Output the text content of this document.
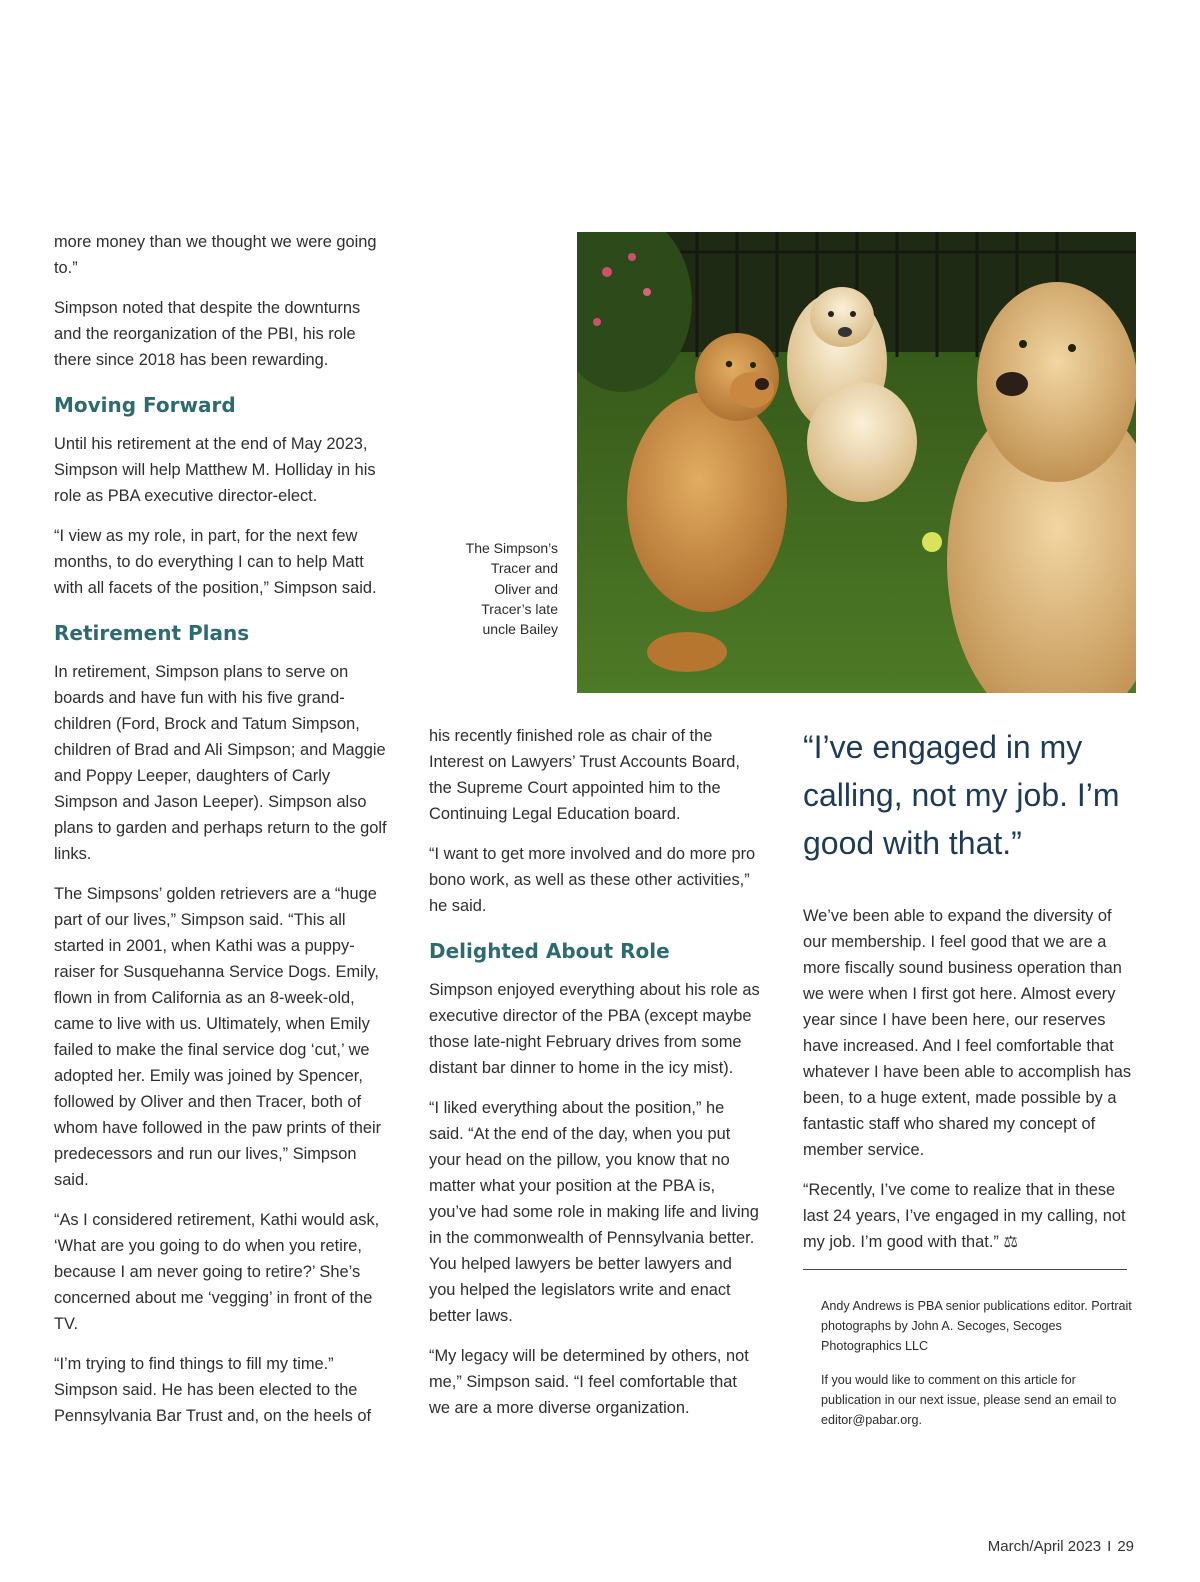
more money than we thought we were going to.”

Simpson noted that despite the downturns and the reorganization of the PBI, his role there since 2018 has been rewarding.

Moving Forward

Until his retirement at the end of May 2023, Simpson will help Matthew M. Holliday in his role as PBA executive director-elect.

“I view as my role, in part, for the next few months, to do everything I can to help Matt with all facets of the position,” Simpson said.

Retirement Plans

In retirement, Simpson plans to serve on boards and have fun with his five grandchildren (Ford, Brock and Tatum Simpson, children of Brad and Ali Simpson; and Maggie and Poppy Leeper, daughters of Carly Simpson and Jason Leeper). Simpson also plans to garden and perhaps return to the golf links.

The Simpsons’ golden retrievers are a “huge part of our lives,” Simpson said. “This all started in 2001, when Kathi was a puppy-raiser for Susquehanna Service Dogs. Emily, flown in from California as an 8-week-old, came to live with us. Ultimately, when Emily failed to make the final service dog ‘cut,’ we adopted her. Emily was joined by Spencer, followed by Oliver and then Tracer, both of whom have followed in the paw prints of their predecessors and run our lives,” Simpson said.

“As I considered retirement, Kathi would ask, ‘What are you going to do when you retire, because I am never going to retire?’ She’s concerned about me ‘vegging’ in front of the TV.

“I’m trying to find things to fill my time.” Simpson said. He has been elected to the Pennsylvania Bar Trust and, on the heels of

The Simpson’s
Tracer and
Oliver and
Tracer’s late
uncle Bailey

his recently finished role as chair of the Interest on Lawyers’ Trust Accounts Board, the Supreme Court appointed him to the Continuing Legal Education board.

“I want to get more involved and do more pro bono work, as well as these other activities,” he said.

Delighted About Role

Simpson enjoyed everything about his role as executive director of the PBA (except maybe those late-night February drives from some distant bar dinner to home in the icy mist).

“I liked everything about the position,” he said. “At the end of the day, when you put your head on the pillow, you know that no matter what your position at the PBA is, you’ve had some role in making life and living in the commonwealth of Pennsylvania better. You helped lawyers be better lawyers and you helped the legislators write and enact better laws.

“My legacy will be determined by others, not me,” Simpson said. “I feel comfortable that we are a more diverse organization.

“I’ve engaged in my calling, not my job. I’m good with that.”

We’ve been able to expand the diversity of our membership. I feel good that we are a more fiscally sound business operation than we were when I first got here. Almost every year since I have been here, our reserves have increased. And I feel comfortable that whatever I have been able to accomplish has been, to a huge extent, made possible by a fantastic staff who shared my concept of member service.

“Recently, I’ve come to realize that in these last 24 years, I’ve engaged in my calling, not my job. I’m good with that.” ⚖

Andy Andrews is PBA senior publications editor. Portrait photographs by John A. Secoges, Secoges Photographics LLC

If you would like to comment on this article for publication in our next issue, please send an email to editor@pabar.org.

March/April 2023 I 29
